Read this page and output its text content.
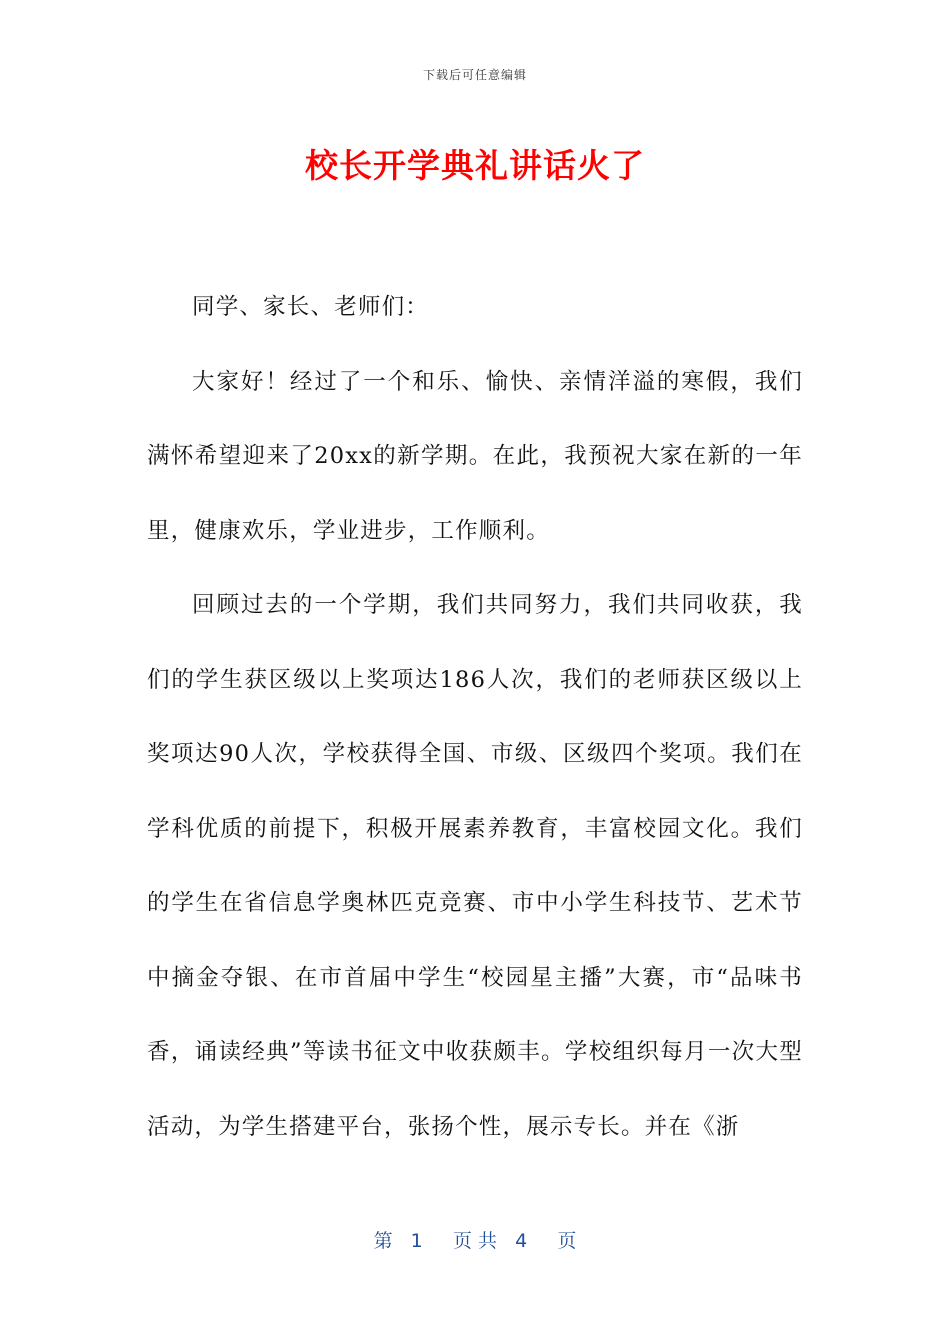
下载后可任意编辑
校长开学典礼讲话火了

同学、家长、老师们：

大家好！经过了一个和乐、愉快、亲情洋溢的寒假，我们满怀希望迎来了20xx的新学期。在此，我预祝大家在新的一年里，健康欢乐，学业进步，工作顺利。

回顾过去的一个学期，我们共同努力，我们共同收获，我们的学生获区级以上奖项达186人次，我们的老师获区级以上奖项达90人次，学校获得全国、市级、区级四个奖项。我们在学科优质的前提下，积极开展素养教育，丰富校园文化。我们的学生在省信息学奥林匹克竞赛、市中小学生科技节、艺术节中摘金夺银、在市首届中学生“校园星主播”大赛，市“品味书香，诵读经典”等读书征文中收获颇丰。学校组织每月一次大型活动，为学生搭建平台，张扬个性，展示专长。并在《浙

第   1     页 共   4     页
